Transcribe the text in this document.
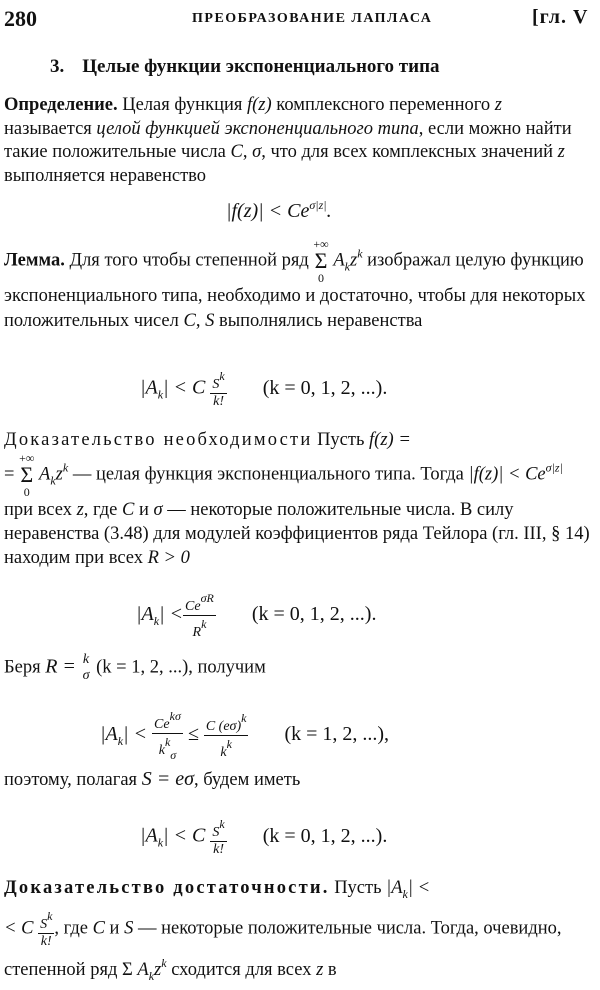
280	ПРЕОБРАЗОВАНИЕ ЛАПЛАСА	[гл. V
3. Целые функции экспоненциального типа

Определение. Целая функция f(z) комплексного переменного z называется целой функцией экспоненциального типа, если можно найти такие положительные числа C, σ, что для всех комплексных значений z выполняется неравенство

$|f(z)| < Ce^{\sigma|z|}$.

Лемма. Для того чтобы степенной ряд
+∞
Σ
0
$A_kz^k$ изображал целую функцию экспоненциального типа, необходимо и достаточно, чтобы для некоторых положительных чисел C, S выполнялись неравенства

$|A_k| < C \frac{Sk}{k!} (k = 0$, 1, 2, ...).

Доказательство необходимости Пусть f(z) =
=
+∞
Σ
0
$A_kz^k$ — целая функция экспоненциального типа. Тогда $|f(z)| < Ce^{\sigma|z|}$ при всех z, где C и σ — некоторые положительные числа. В силу неравенства (3.48) для модулей коэффициентов ряда Тейлора (гл. III, § 14) находим при всех R > 0

$|A_k| < \frac{\text{CeσR}}{Rk} (k = 0$, 1, 2, ...).
Беря R = k
σ (k = 1, 2, ...), получим
$|A_k| < \frac{\text{Cekσ}}{\text{kkσ}} \le \frac{C (e\sigma)k}{kk} (k = 1$, 2, ...),
поэтому, полагая S = eσ, будем иметь
$|A_k| < C \frac{Sk}{k!} (k = 0$, 1, 2, ...).

Доказательство достаточности. Пусть $|A_k|$ <
< C $\frac{Sk}{k!}$ , где C и S — некоторые положительные числа. Тогда, очевидно, степенной ряд Σ $A_kz^k$ сходится для всех z в
